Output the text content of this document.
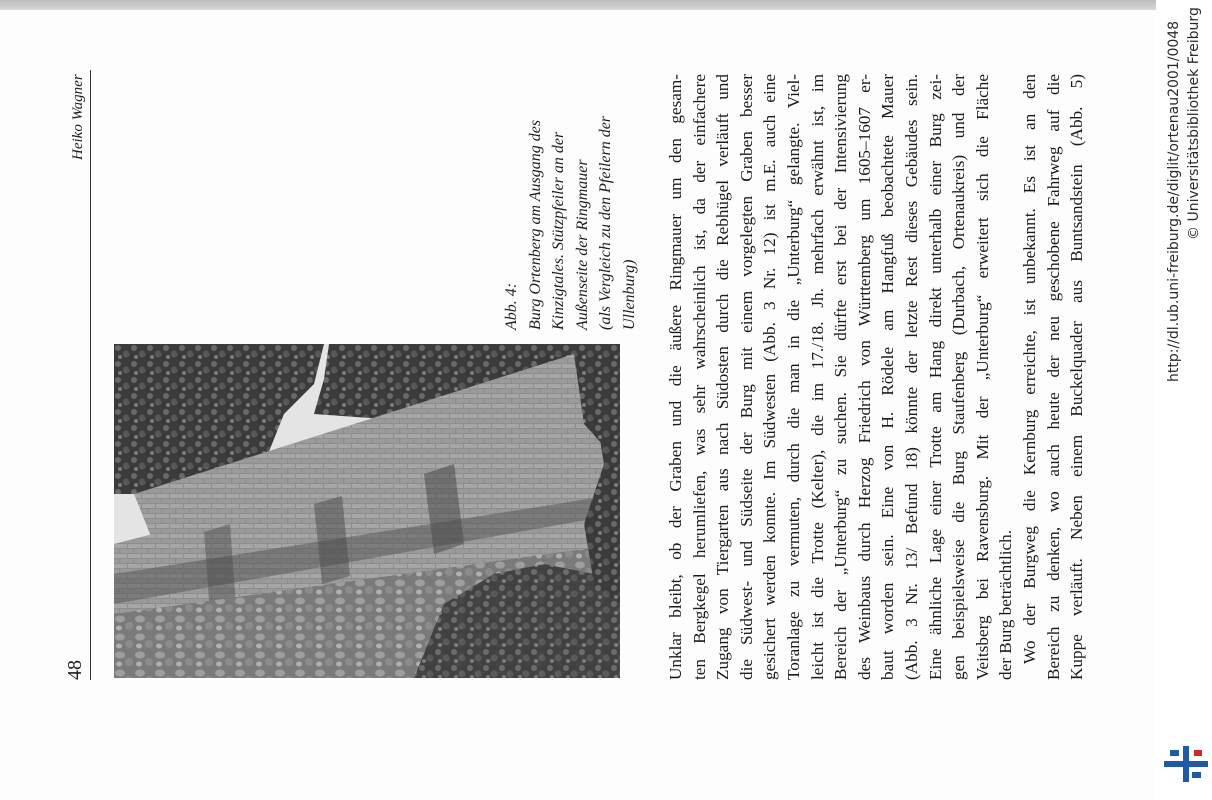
48
Heiko Wagner
Abb. 4: Burg Ortenberg am Ausgang des Kinzigtales. Stützpfeiler an der Außenseite der Ringmauer (als Vergleich zu den Pfeilern der Ullenburg) Unklar bleibt, ob der Graben und die äußere Ringmauer um den gesam- ten Bergkegel herumliefen, was sehr wahrscheinlich ist, da der einfachere Zugang von Tiergarten aus nach Südosten durch die Rebhügel verläuft und die Südwest- und Südseite der Burg mit einem vorgelegten Graben besser gesichert werden konnte. Im Südwesten (Abb. 3 Nr. 12) ist m.E. auch eine Toranlage zu vermuten, durch die man in die „Unterburg“ gelangte. Viel- leicht ist die Trotte (Kelter), die im 17./18. Jh. mehrfach erwähnt ist, im Bereich der „Unterburg“ zu suchen. Sie dürfte erst bei der Intensivierung des Weinbaus durch Herzog Friedrich von Württemberg um 1605–1607 er- baut worden sein. Eine von H. Rödele am Hangfuß beobachtete Mauer (Abb. 3 Nr. 13/ Befund 18) könnte der letzte Rest dieses Gebäudes sein. Eine ähnliche Lage einer Trotte am Hang direkt unterhalb einer Burg zei- gen beispielsweise die Burg Staufenberg (Durbach, Ortenaukreis) und der Veitsberg bei Ravensburg. Mit der „Unterburg“ erweitert sich die Fläche der Burg beträchtlich. Wo der Burgweg die Kernburg erreichte, ist unbekannt. Es ist an den Bereich zu denken, wo auch heute der neu geschobene Fahrweg auf die Kuppe verläuft. Neben einem Buckelquader aus Buntsandstein (Abb. 5)	http://dl.ub.uni-freiburg.de/diglit/ortenau2001/0048 © Universitätsbibliothek Freiburg
